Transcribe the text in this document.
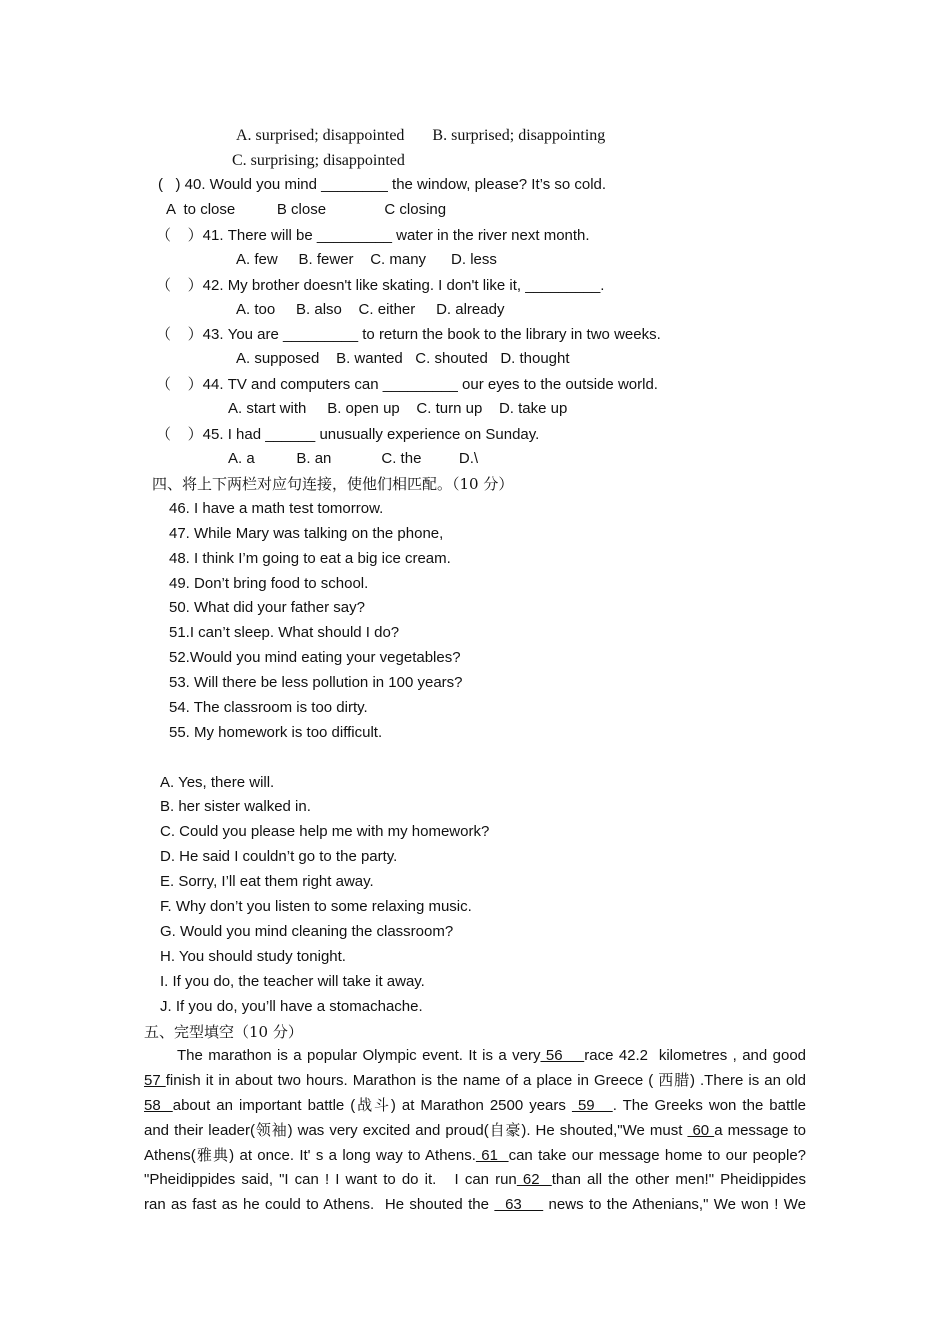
A. surprised; disappointed       B. surprised; disappointing
C. surprising; disappointed
(   ) 40. Would you mind ________ the window, please? It’s so cold.
A  to close          B close              C closing
（    ）41. There will be _________ water in the river next month.
A. few     B. fewer    C. many      D. less
（    ）42. My brother doesn't like skating. I don't like it, _________.
A. too     B. also    C. either     D. already
（    ）43. You are _________ to return the book to the library in two weeks.
A. supposed    B. wanted   C. shouted   D. thought
（    ）44. TV and computers can _________ our eyes to the outside world.
A. start with     B. open up    C. turn up    D. take up
（    ）45. I had ______ unusually experience on Sunday.
A. a          B. an            C. the         D.\
四、将上下两栏对应句连接，使他们相匹配。（10 分）
46. I have a math test tomorrow.
47. While Mary was talking on the phone,
48. I think I’m going to eat a big ice cream.
49. Don’t bring food to school.
50. What did your father say?
51.I can’t sleep. What should I do?
52.Would you mind eating your vegetables?
53. Will there be less pollution in 100 years?
54. The classroom is too dirty.
55. My homework is too difficult.
A. Yes, there will.
B. her sister walked in.
C. Could you please help me with my homework?
D. He said I couldn’t go to the party.
E. Sorry, I’ll eat them right away.
F. Why don’t you listen to some relaxing music.
G. Would you mind cleaning the classroom?
H. You should study tonight.
I. If you do, the teacher will take it away.
J. If you do, you’ll have a stomachache.
五、完型填空（10 分）
The marathon is a popular Olympic event. It is a very 56    race 42.2  kilometres , and good
57 finish it in about two hours. Marathon is the name of a place in Greece ( 西腊) .There is an old
58  about an important battle (战斗) at Marathon 2500 years  59   . The Greeks won the battle
and their leader(领袖) was very excited and proud(自豪). He shouted,"We must  60 a message to
Athens(雅典) at once. It' s a long way to Athens. 61  can take our message home to our people?
"Pheidippides said, "I can ! I want to do it.   I can run 62  than all the other men!" Pheidippides
ran as fast as he could to Athens.  He shouted the   63     news to the Athenians," We won ! We
